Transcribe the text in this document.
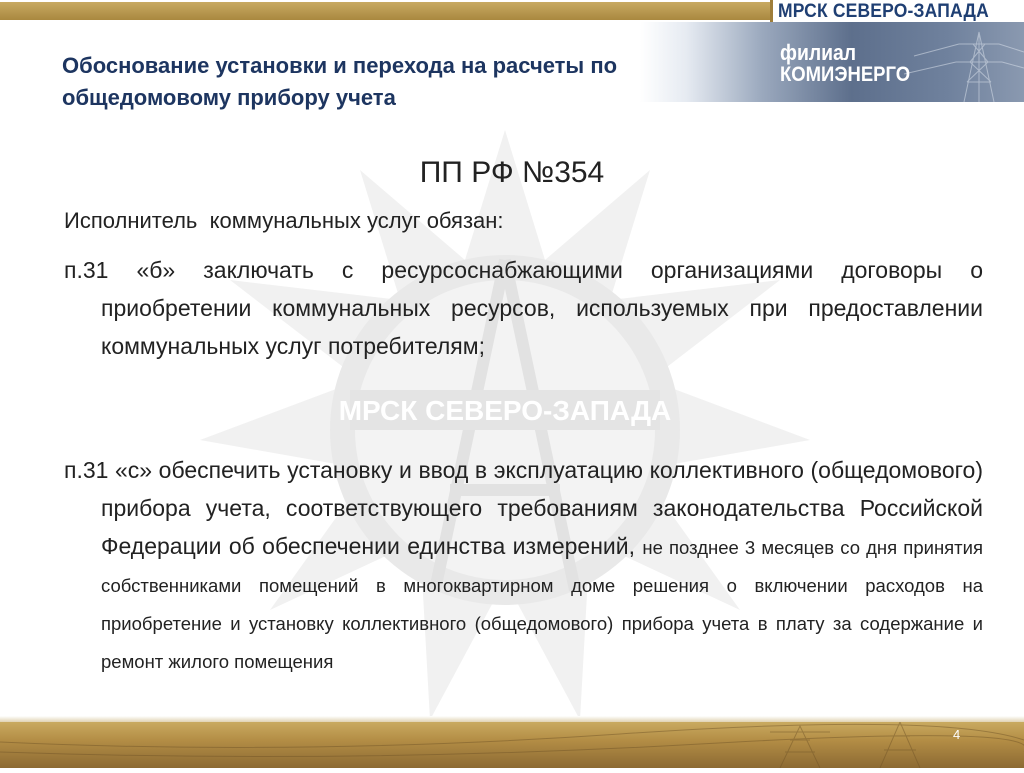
МРСК СЕВЕРО-ЗАПАДА
филиал
КОМИЭНЕРГО
Обоснование установки и перехода на расчеты по общедомовому прибору учета
МРСК СЕВЕРО-ЗАПАДА
ПП РФ №354
Исполнитель  коммунальных услуг обязан:
п.31 «б» заключать с ресурсоснабжающими организациями договоры о приобретении коммунальных ресурсов, используемых при предоставлении коммунальных услуг потребителям;
п.31 «с» обеспечить установку и ввод в эксплуатацию коллективного (общедомового) прибора учета, соответствующего требованиям законодательства Российской Федерации об обеспечении единства измерений, не позднее 3 месяцев со дня принятия собственниками помещений в многоквартирном доме решения о включении расходов на приобретение и установку коллективного (общедомового) прибора учета в плату за содержание и ремонт жилого помещения
4
